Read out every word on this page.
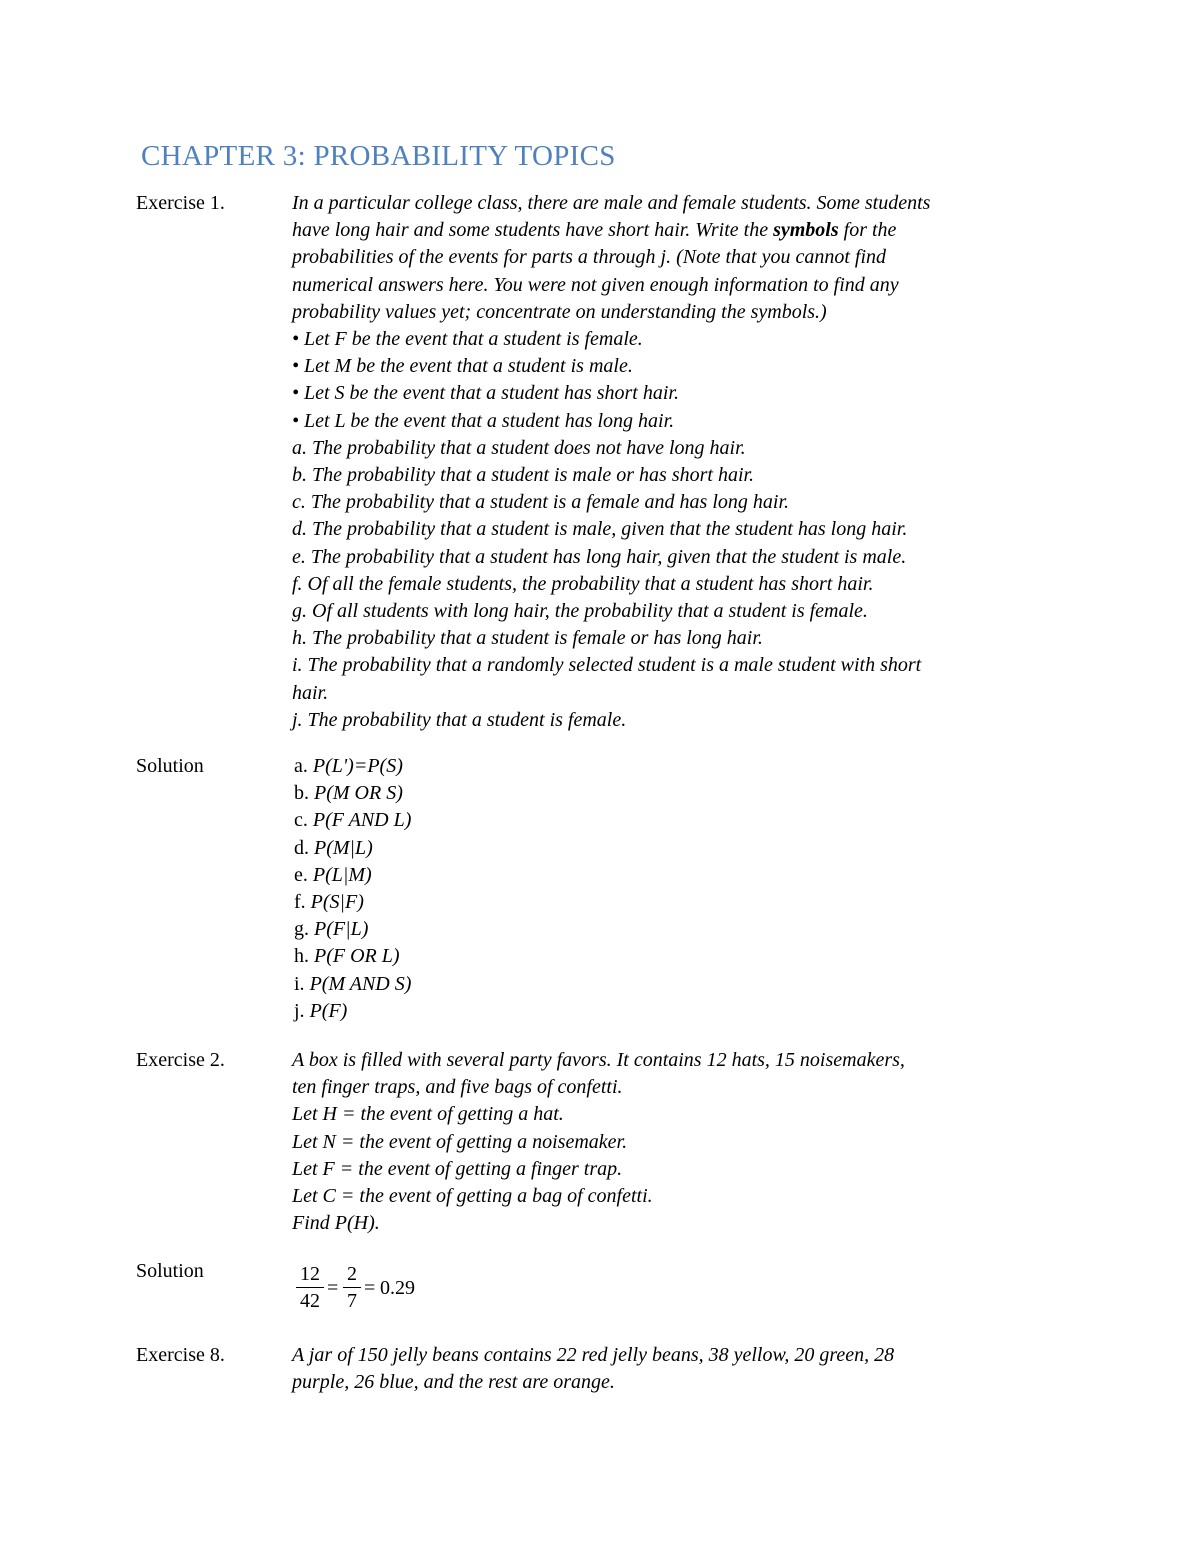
CHAPTER 3: PROBABILITY TOPICS
Exercise 1.	In a particular college class, there are male and female students. Some students
have long hair and some students have short hair. Write the symbols for the
probabilities of the events for parts a through j. (Note that you cannot find
numerical answers here. You were not given enough information to find any
probability values yet; concentrate on understanding the symbols.)
• Let F be the event that a student is female.
• Let M be the event that a student is male.
• Let S be the event that a student has short hair.
• Let L be the event that a student has long hair.
a. The probability that a student does not have long hair.
b. The probability that a student is male or has short hair.
c. The probability that a student is a female and has long hair.
d. The probability that a student is male, given that the student has long hair.
e. The probability that a student has long hair, given that the student is male.
f. Of all the female students, the probability that a student has short hair.
g. Of all students with long hair, the probability that a student is female.
h. The probability that a student is female or has long hair.
i. The probability that a randomly selected student is a male student with short
hair.
j. The probability that a student is female.
Solution	a. P(L')=P(S)
b. P(M OR S)
c. P(F AND L)
d. P(M|L)
e. P(L|M)
f. P(S|F)
g. P(F|L)
h. P(F OR L)
i. P(M AND S)
j. P(F)
Exercise 2.	A box is filled with several party favors. It contains 12 hats, 15 noisemakers,
ten finger traps, and five bags of confetti.
Let H = the event of getting a hat.
Let N = the event of getting a noisemaker.
Let F = the event of getting a finger trap.
Let C = the event of getting a bag of confetti.
Find P(H).
Solution	12
42
=
2
7
= 0.29
Exercise 8.	A jar of 150 jelly beans contains 22 red jelly beans, 38 yellow, 20 green, 28
purple, 26 blue, and the rest are orange.
